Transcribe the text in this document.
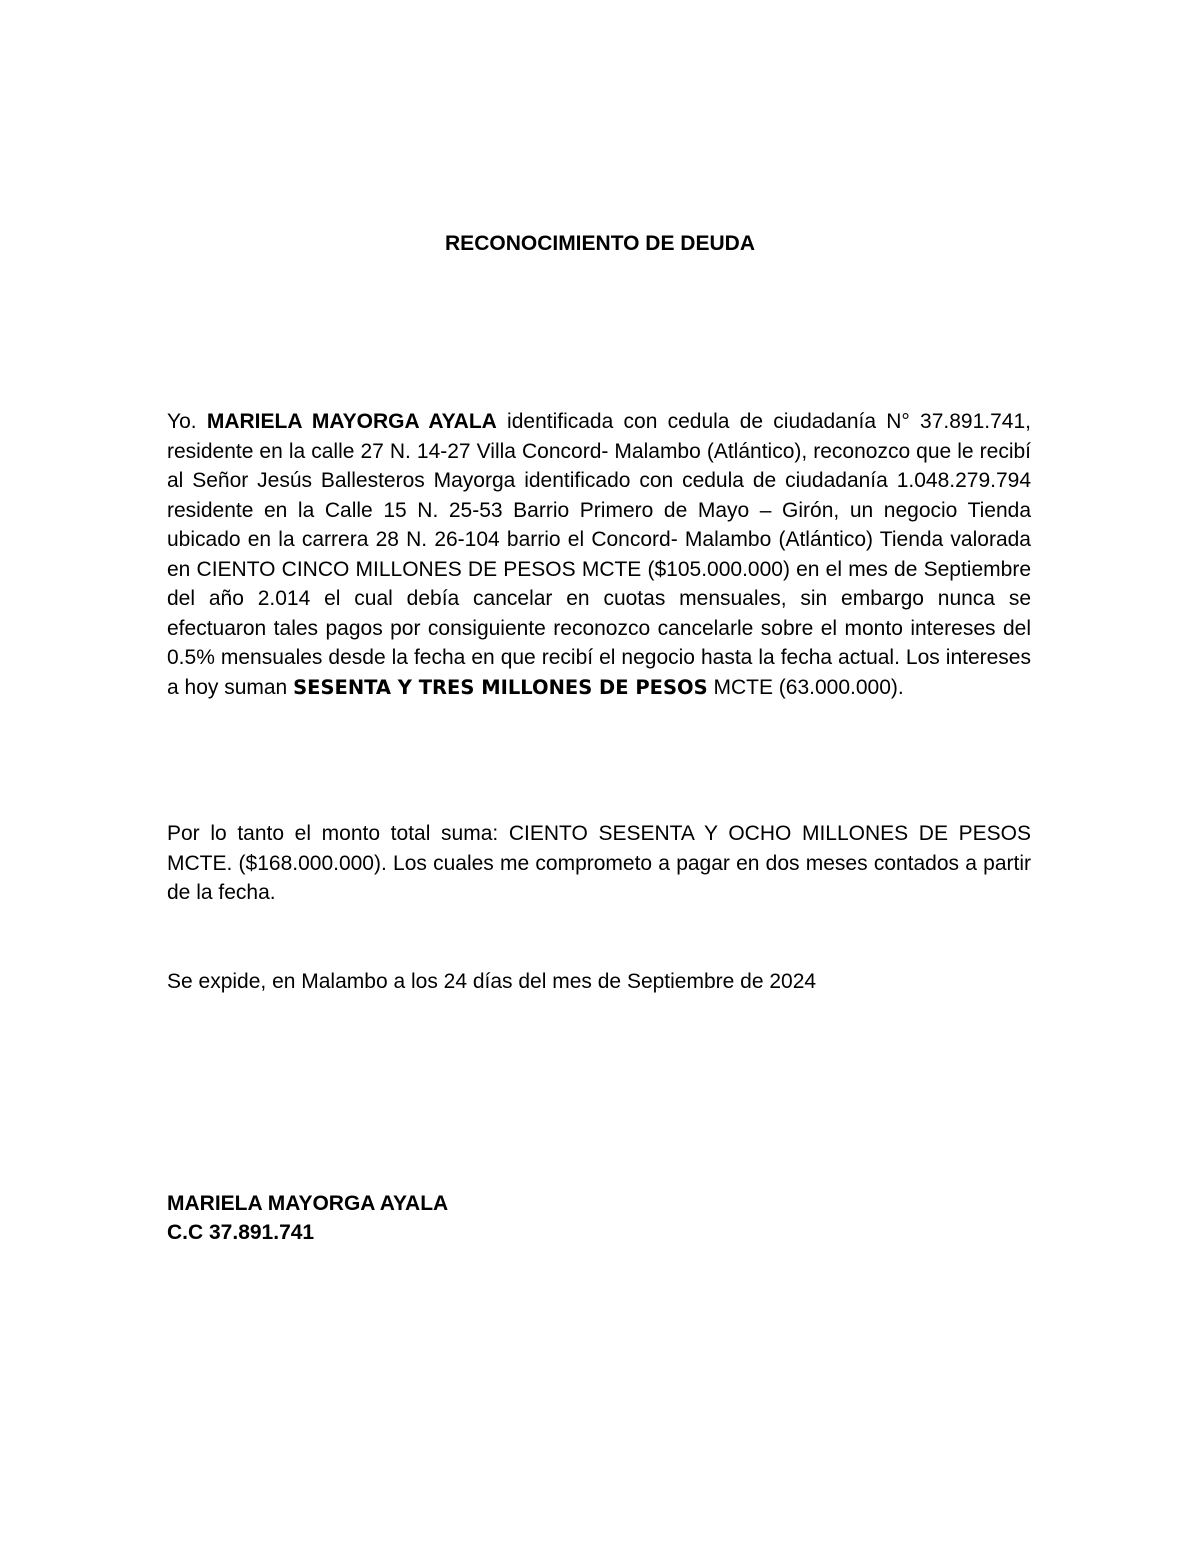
RECONOCIMIENTO DE DEUDA

Yo. MARIELA MAYORGA AYALA identificada con cedula de ciudadanía N° 37.891.741, residente en la calle 27 N. 14-27 Villa Concord- Malambo (Atlántico), reconozco que le recibí al Señor Jesús Ballesteros Mayorga identificado con cedula de ciudadanía 1.048.279.794 residente en la Calle 15 N. 25-53 Barrio Primero de Mayo – Girón, un negocio Tienda ubicado en la carrera 28 N. 26-104 barrio el Concord- Malambo (Atlántico) Tienda valorada en CIENTO CINCO MILLONES DE PESOS MCTE ($105.000.000) en el mes de Septiembre del año 2.014 el cual debía cancelar en cuotas mensuales, sin embargo nunca se efectuaron tales pagos por consiguiente reconozco cancelarle sobre el monto intereses del 0.5% mensuales desde la fecha en que recibí el negocio hasta la fecha actual. Los intereses a hoy suman SESENTA Y TRES MILLONES DE PESOS MCTE (63.000.000).

Por lo tanto el monto total suma: CIENTO SESENTA Y OCHO MILLONES DE PESOS MCTE. ($168.000.000). Los cuales me comprometo a pagar en dos meses contados a partir de la fecha.

Se expide, en Malambo a los 24 días del mes de Septiembre de 2024

MARIELA MAYORGA AYALA
C.C 37.891.741
